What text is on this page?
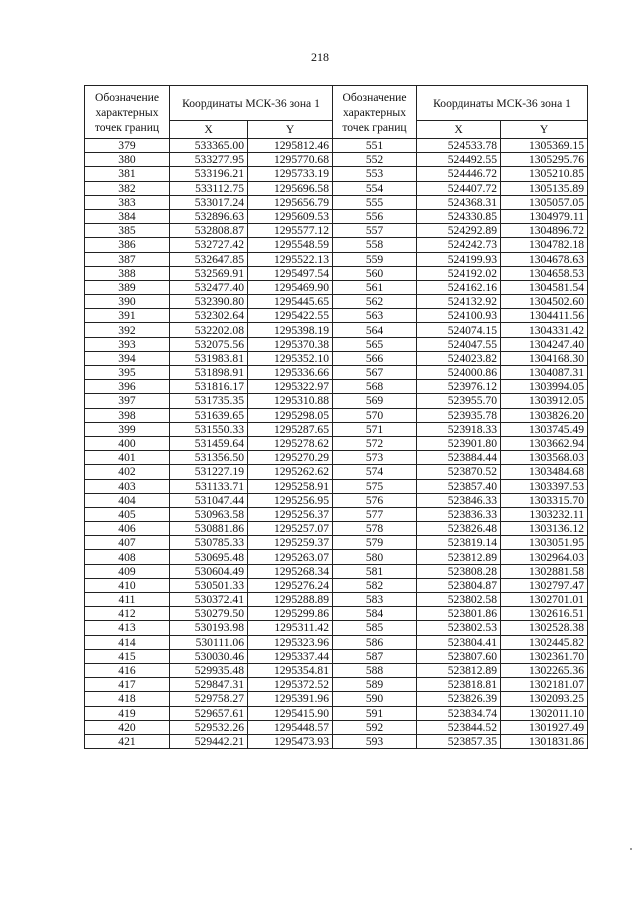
218
Обозначение характерных точек границ	Координаты МСК-36 зона 1		Обозначение характерных точек границ	Координаты МСК-36 зона 1	
	X	Y		X	Y
379	533365.00	1295812.46	551	524533.78	1305369.15
380	533277.95	1295770.68	552	524492.55	1305295.76
381	533196.21	1295733.19	553	524446.72	1305210.85
382	533112.75	1295696.58	554	524407.72	1305135.89
383	533017.24	1295656.79	555	524368.31	1305057.05
384	532896.63	1295609.53	556	524330.85	1304979.11
385	532808.87	1295577.12	557	524292.89	1304896.72
386	532727.42	1295548.59	558	524242.73	1304782.18
387	532647.85	1295522.13	559	524199.93	1304678.63
388	532569.91	1295497.54	560	524192.02	1304658.53
389	532477.40	1295469.90	561	524162.16	1304581.54
390	532390.80	1295445.65	562	524132.92	1304502.60
391	532302.64	1295422.55	563	524100.93	1304411.56
392	532202.08	1295398.19	564	524074.15	1304331.42
393	532075.56	1295370.38	565	524047.55	1304247.40
394	531983.81	1295352.10	566	524023.82	1304168.30
395	531898.91	1295336.66	567	524000.86	1304087.31
396	531816.17	1295322.97	568	523976.12	1303994.05
397	531735.35	1295310.88	569	523955.70	1303912.05
398	531639.65	1295298.05	570	523935.78	1303826.20
399	531550.33	1295287.65	571	523918.33	1303745.49
400	531459.64	1295278.62	572	523901.80	1303662.94
401	531356.50	1295270.29	573	523884.44	1303568.03
402	531227.19	1295262.62	574	523870.52	1303484.68
403	531133.71	1295258.91	575	523857.40	1303397.53
404	531047.44	1295256.95	576	523846.33	1303315.70
405	530963.58	1295256.37	577	523836.33	1303232.11
406	530881.86	1295257.07	578	523826.48	1303136.12
407	530785.33	1295259.37	579	523819.14	1303051.95
408	530695.48	1295263.07	580	523812.89	1302964.03
409	530604.49	1295268.34	581	523808.28	1302881.58
410	530501.33	1295276.24	582	523804.87	1302797.47
411	530372.41	1295288.89	583	523802.58	1302701.01
412	530279.50	1295299.86	584	523801.86	1302616.51
413	530193.98	1295311.42	585	523802.53	1302528.38
414	530111.06	1295323.96	586	523804.41	1302445.82
415	530030.46	1295337.44	587	523807.60	1302361.70
416	529935.48	1295354.81	588	523812.89	1302265.36
417	529847.31	1295372.52	589	523818.81	1302181.07
418	529758.27	1295391.96	590	523826.39	1302093.25
419	529657.61	1295415.90	591	523834.74	1302011.10
420	529532.26	1295448.57	592	523844.52	1301927.49
421	529442.21	1295473.93	593	523857.35	1301831.86
